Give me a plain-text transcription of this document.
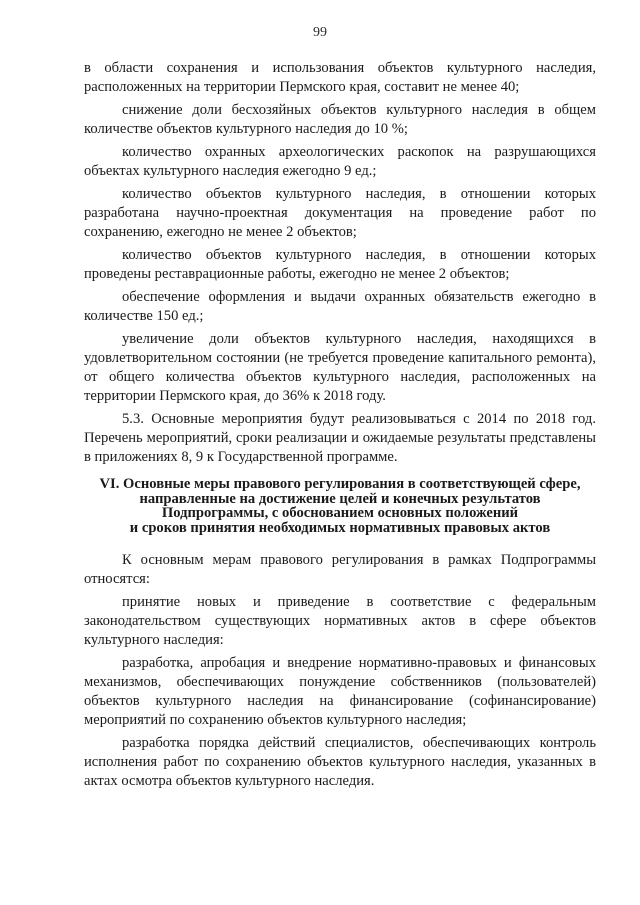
99

в области сохранения и использования объектов культурного наследия, расположенных на территории Пермского края, составит не менее 40;

снижение доли бесхозяйных объектов культурного наследия в общем количестве объектов культурного наследия до 10 %;

количество охранных археологических раскопок на разрушающихся объектах культурного наследия ежегодно 9 ед.;

количество объектов культурного наследия, в отношении которых разработана научно-проектная документация на проведение работ по сохранению, ежегодно не менее 2 объектов;

количество объектов культурного наследия, в отношении которых проведены реставрационные работы, ежегодно не менее 2 объектов;

обеспечение оформления и выдачи охранных обязательств ежегодно в количестве 150 ед.;

увеличение доли объектов культурного наследия, находящихся в удовлетворительном состоянии (не требуется проведение капитального ремонта), от общего количества объектов культурного наследия, расположенных на территории Пермского края, до 36% к 2018 году.

5.3. Основные мероприятия будут реализовываться с 2014 по 2018 год. Перечень мероприятий, сроки реализации и ожидаемые результаты представлены в приложениях 8, 9 к Государственной программе.

VI. Основные меры правового регулирования в соответствующей сфере,
направленные на достижение целей и конечных результатов
Подпрограммы, с обоснованием основных положений
и сроков принятия необходимых нормативных правовых актов

К основным мерам правового регулирования в рамках Подпрограммы относятся:

принятие новых и приведение в соответствие с федеральным законодательством существующих нормативных актов в сфере объектов культурного наследия:

разработка, апробация и внедрение нормативно-правовых и финансовых механизмов, обеспечивающих понуждение собственников (пользователей) объектов культурного наследия на финансирование (софинансирование) мероприятий по сохранению объектов культурного наследия;

разработка порядка действий специалистов, обеспечивающих контроль исполнения работ по сохранению объектов культурного наследия, указанных в актах осмотра объектов культурного наследия.
